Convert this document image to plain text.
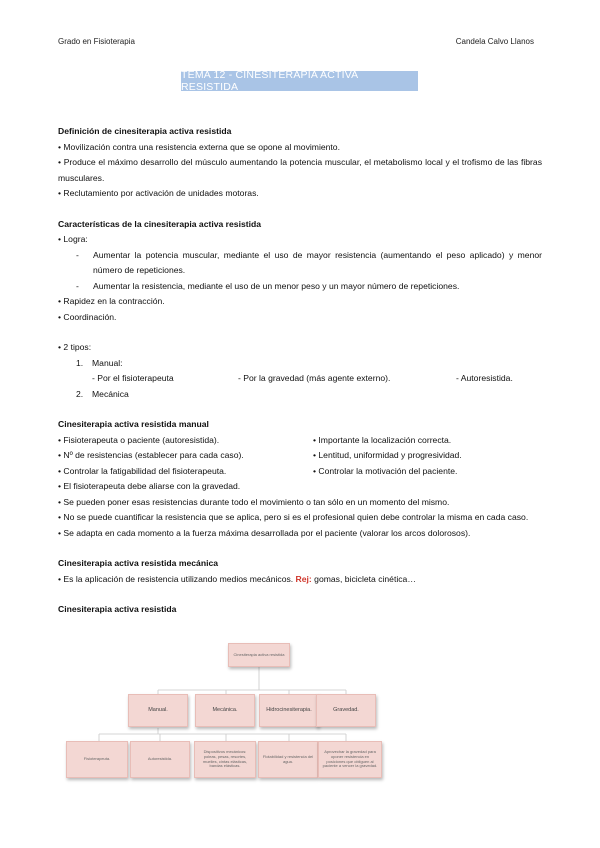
Grado en Fisioterapia	Candela Calvo Llanos
TEMA 12 - CINESITERAPIA ACTIVA RESISTIDA

Definición de cinesiterapia activa resistida

• Movilización contra una resistencia externa que se opone al movimiento.

• Produce el máximo desarrollo del músculo aumentando la potencia muscular, el metabolismo local y el trofismo de las fibras musculares.

• Reclutamiento por activación de unidades motoras.

Características de la cinesiterapia activa resistida

• Logra:

- Aumentar la potencia muscular, mediante el uso de mayor resistencia (aumentando el peso aplicado) y menor número de repeticiones.
- Aumentar la resistencia, mediante el uso de un menor peso y un mayor número de repeticiones.

• Rapidez en la contracción.

• Coordinación.

• 2 tipos:

1. Manual:
- Por el fisioterapeuta	- Por la gravedad (más agente externo).	- Autoresistida.
2. Mecánica

Cinesiterapia activa resistida manual

• Fisioterapeuta o paciente (autoresistida).	• Importante la localización correcta.
• Nº de resistencias (establecer para cada caso).	• Lentitud, uniformidad y progresividad.
• Controlar la fatigabilidad del fisioterapeuta.	• Controlar la motivación del paciente.

• El fisioterapeuta debe aliarse con la gravedad.

• Se pueden poner esas resistencias durante todo el movimiento o tan sólo en un momento del mismo.

• No se puede cuantificar la resistencia que se aplica, pero si es el profesional quien debe controlar la misma en cada caso.

• Se adapta en cada momento a la fuerza máxima desarrollada por el paciente (valorar los arcos dolorosos).

Cinesiterapia activa resistida mecánica

• Es la aplicación de resistencia utilizando medios mecánicos. Rej: gomas, bicicleta cinética…

Cinesiterapia activa resistida

Cinesiterapia activa resistida
Manual.	Mecánica.	Hidrocinesiterapia.	Gravedad.
Fisioterapeuta.	Autoresistida.
Dispositivos mecánicos: poleas, pesas, resortes, muelles, cintas elásticas, bandas elásticas.
Flotabilidad y resistencia del agua.
Aprovechar la gravedad para oponer resistencia en posiciones que obliguen al paciente a vencer la gravedad.
